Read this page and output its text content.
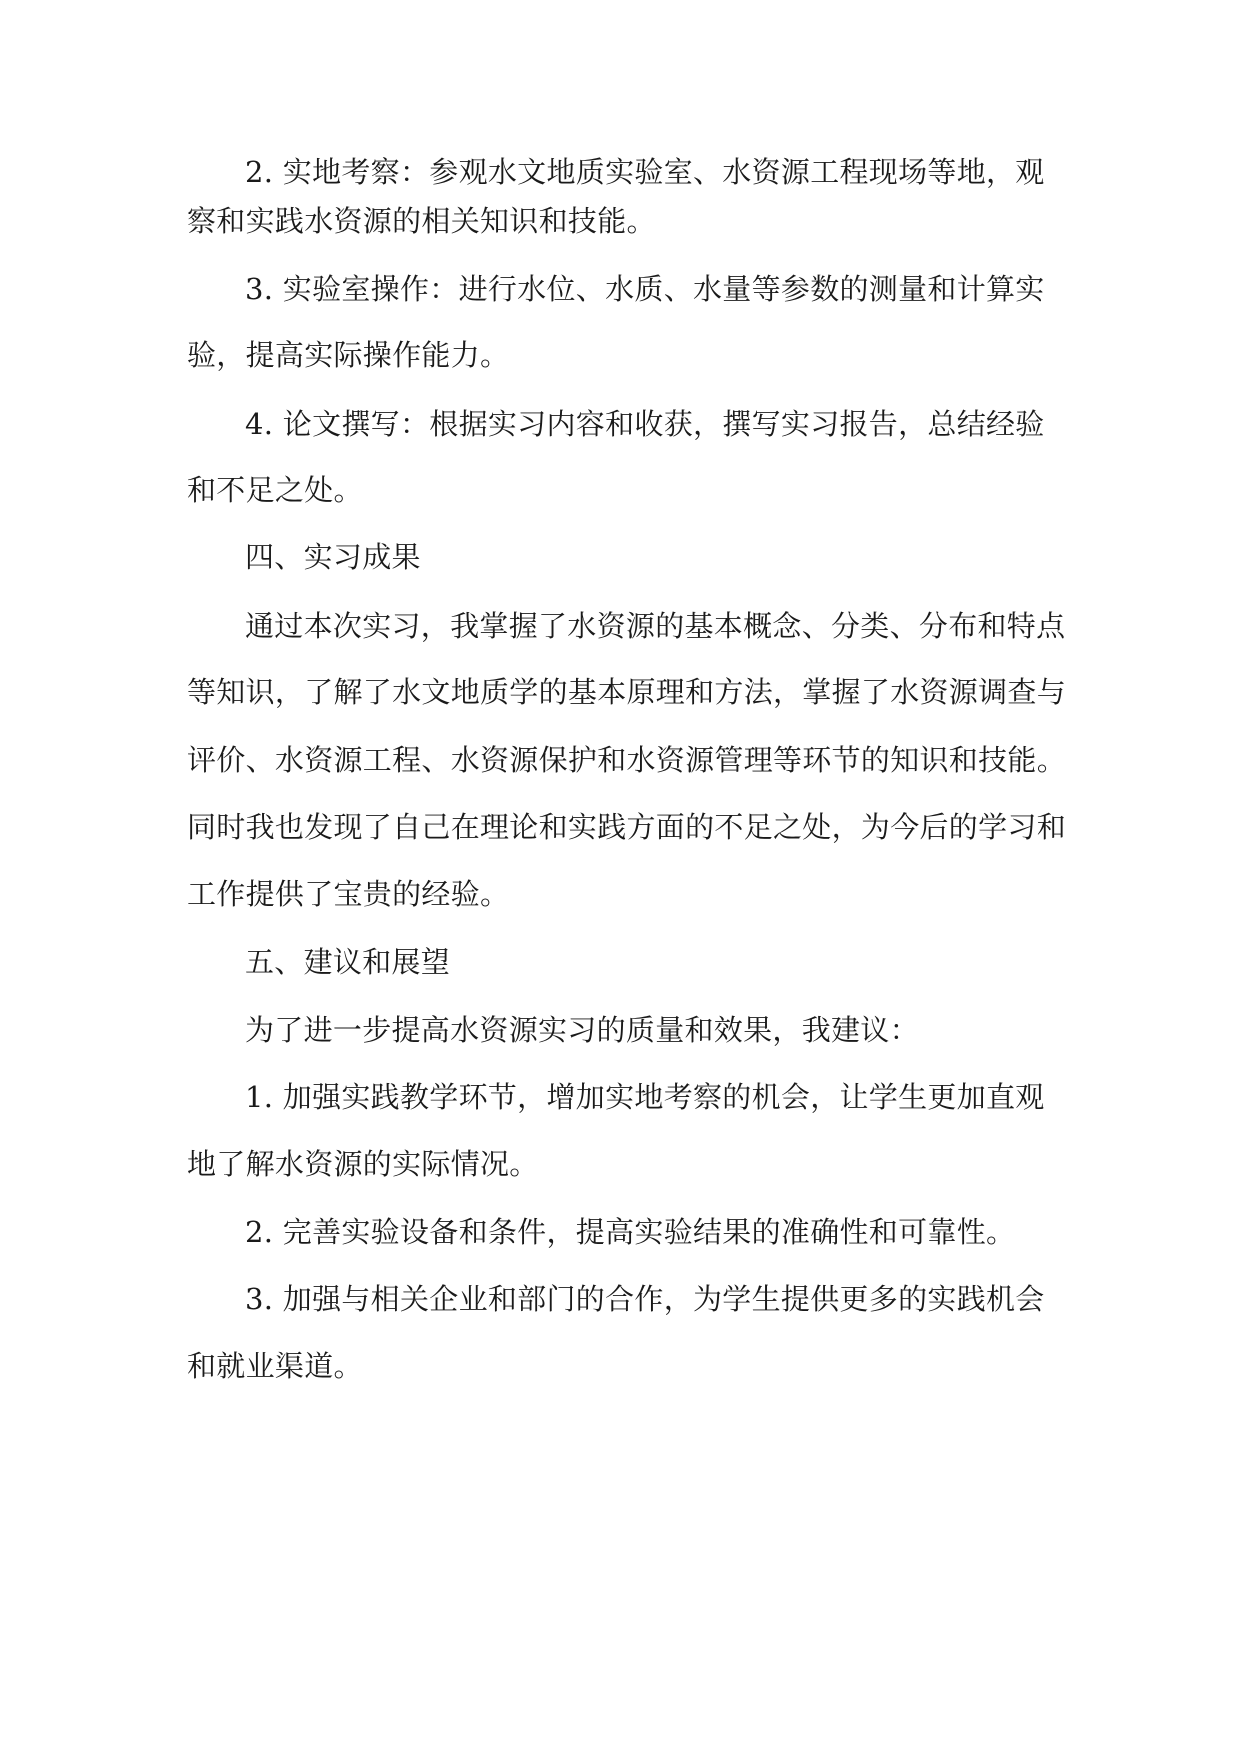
2. 实地考察：参观水文地质实验室、水资源工程现场等地，观
察和实践水资源的相关知识和技能。
3. 实验室操作：进行水位、水质、水量等参数的测量和计算实
验，提高实际操作能力。
4. 论文撰写：根据实习内容和收获，撰写实习报告，总结经验
和不足之处。
四、实习成果
通过本次实习，我掌握了水资源的基本概念、分类、分布和特点
等知识，了解了水文地质学的基本原理和方法，掌握了水资源调查与
评价、水资源工程、水资源保护和水资源管理等环节的知识和技能。
同时我也发现了自己在理论和实践方面的不足之处，为今后的学习和
工作提供了宝贵的经验。
五、建议和展望
为了进一步提高水资源实习的质量和效果，我建议：
1. 加强实践教学环节，增加实地考察的机会，让学生更加直观
地了解水资源的实际情况。
2. 完善实验设备和条件，提高实验结果的准确性和可靠性。
3. 加强与相关企业和部门的合作，为学生提供更多的实践机会
和就业渠道。
